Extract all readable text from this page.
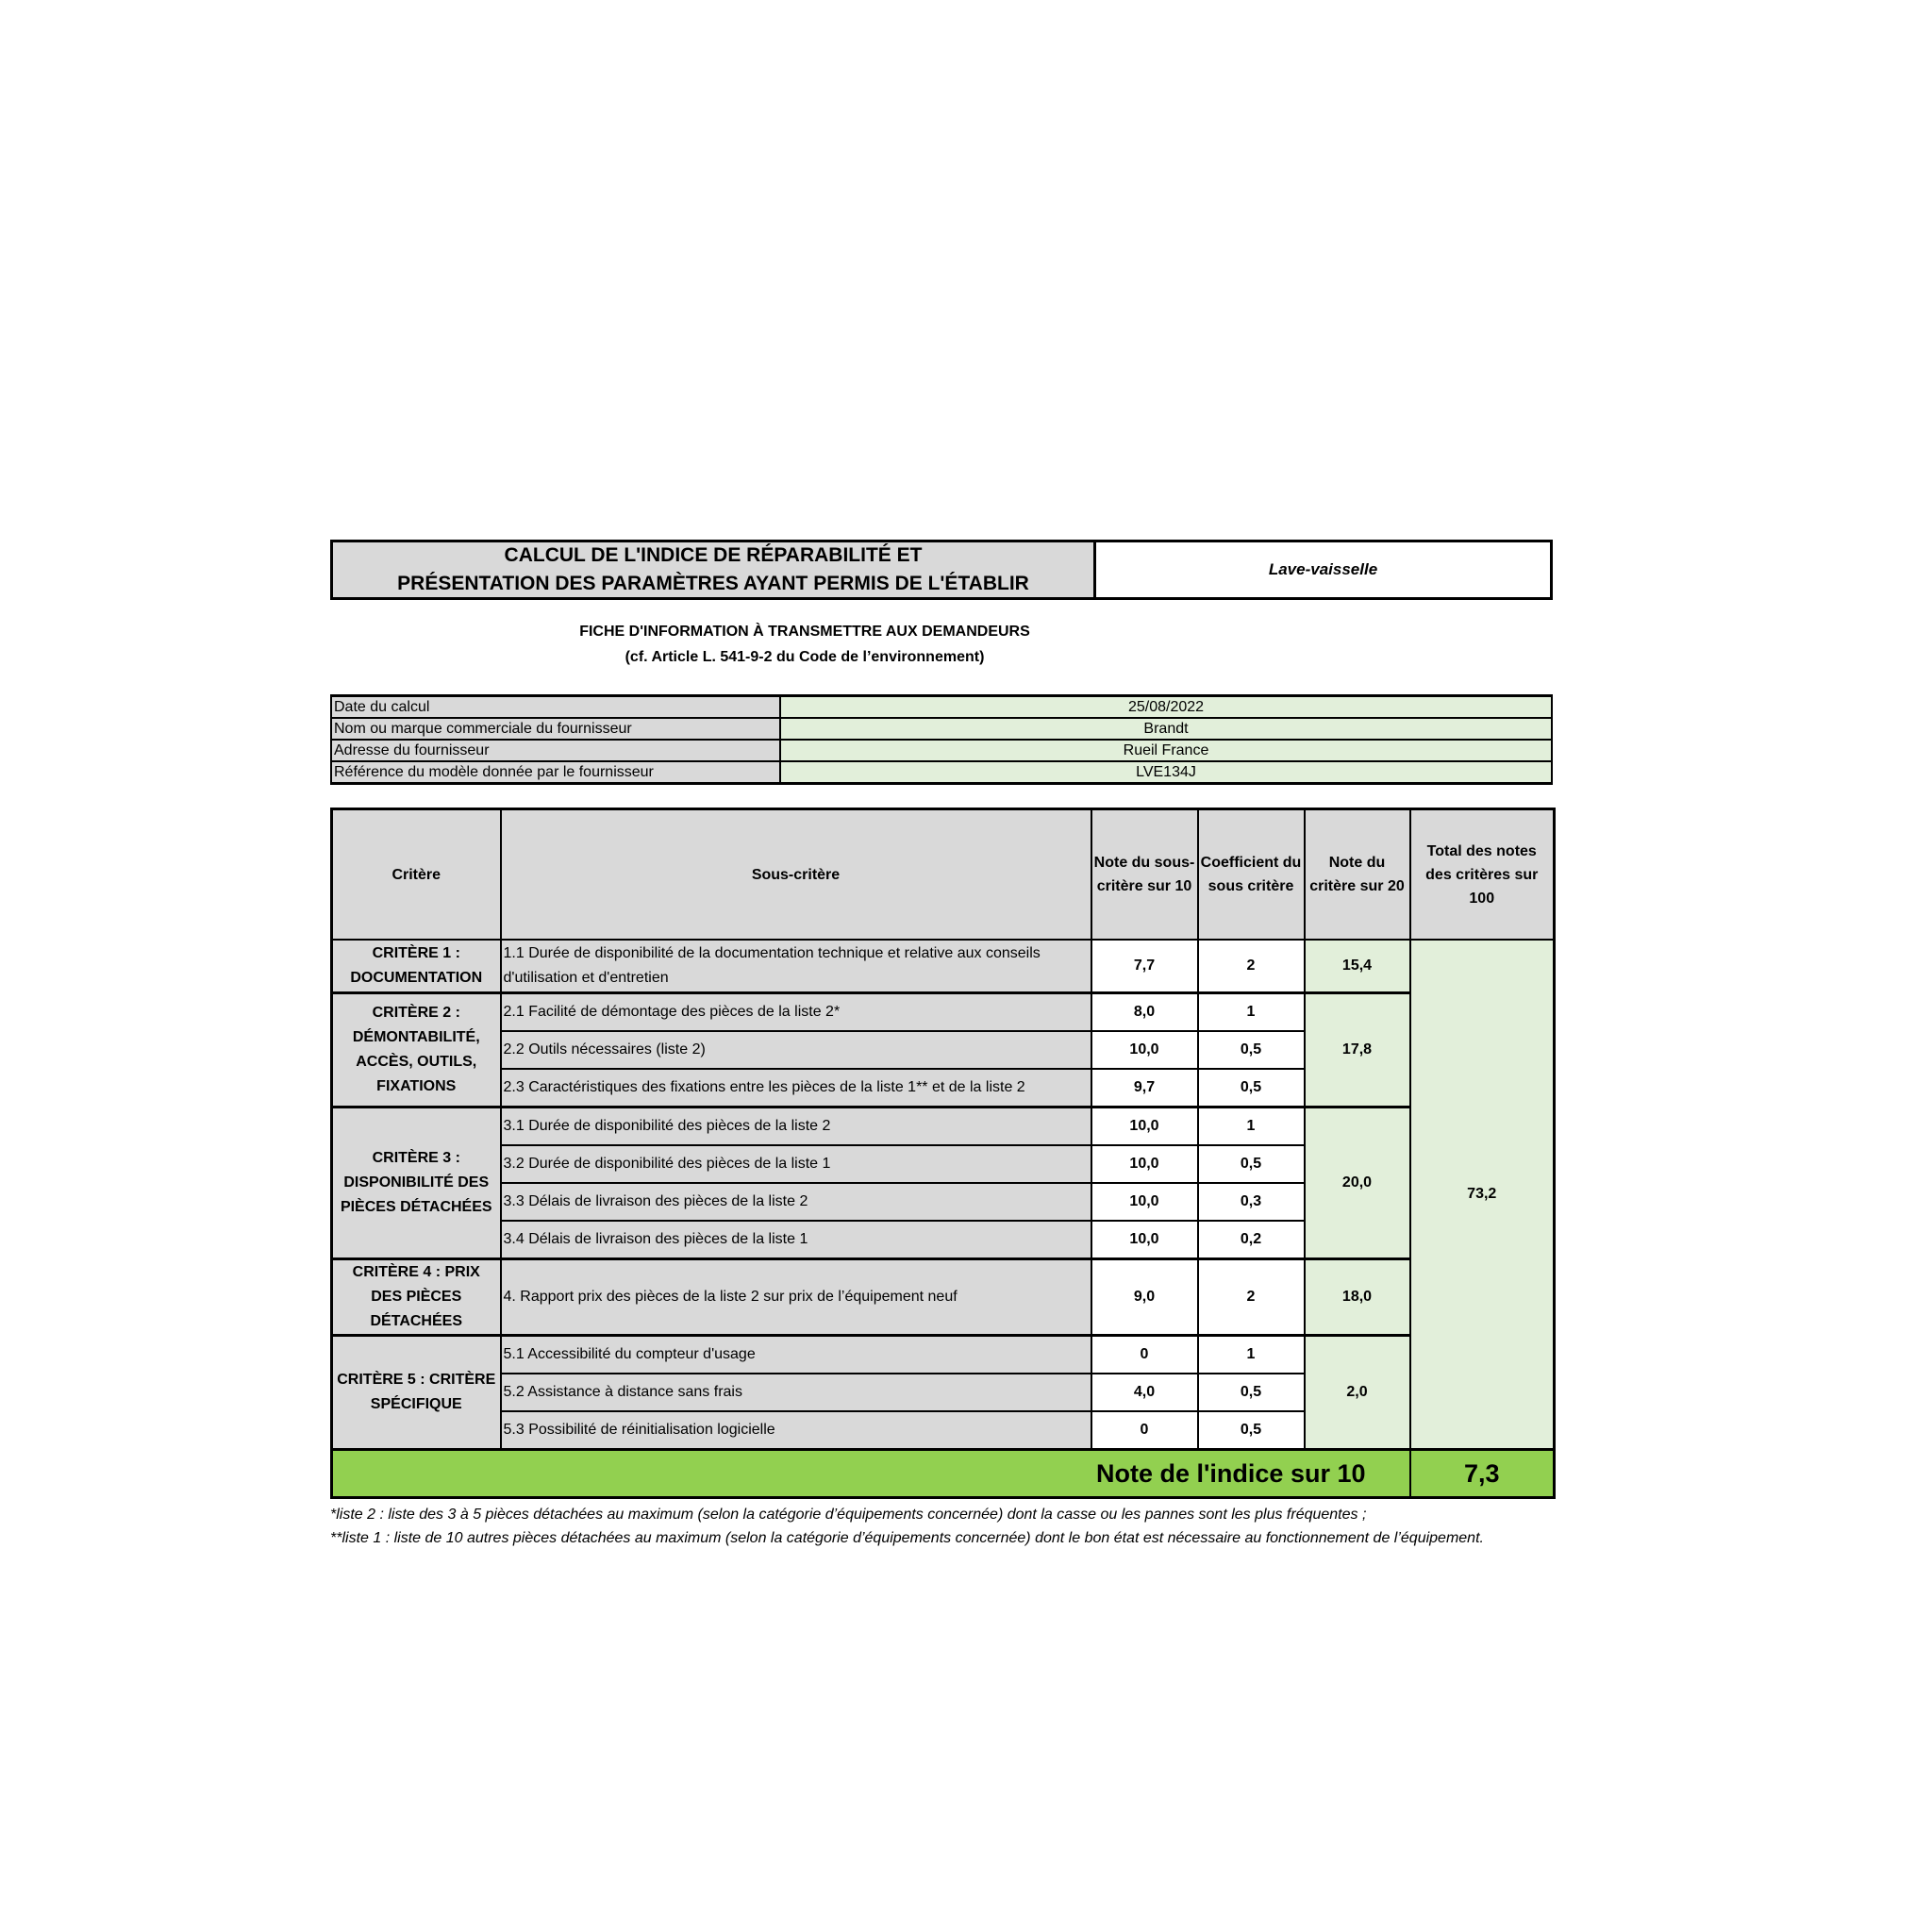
CALCUL DE L'INDICE DE RÉPARABILITÉ ET
PRÉSENTATION DES PARAMÈTRES AYANT PERMIS DE L'ÉTABLIR
Lave-vaisselle
FICHE D'INFORMATION À TRANSMETTRE AUX DEMANDEURS
(cf. Article L. 541-9-2 du Code de l’environnement)
Date du calcul	25/08/2022
Nom ou marque commerciale du fournisseur	Brandt
Adresse du fournisseur	Rueil France
Référence du modèle donnée par le fournisseur	LVE134J
Critère	Sous-critère	Note du sous-critère sur 10	Coefficient du sous critère	Note du critère sur 20	Total des notes des critères sur 100
CRITÈRE 1 : DOCUMENTATION	1.1 Durée de disponibilité de la documentation technique et relative aux conseils d'utilisation et d'entretien	7,7	2	15,4	73,2
CRITÈRE 2 : DÉMONTABILITÉ, ACCÈS, OUTILS, FIXATIONS	2.1 Facilité de démontage des pièces de la liste 2*	8,0	1	17,8	
	2.2 Outils nécessaires (liste 2)	10,0	0,5		
	2.3 Caractéristiques des fixations entre les pièces de la liste 1** et de la liste 2	9,7	0,5		
CRITÈRE 3 : DISPONIBILITÉ DES PIÈCES DÉTACHÉES	3.1 Durée de disponibilité des pièces de la liste 2	10,0	1	20,0	
	3.2 Durée de disponibilité des pièces de la liste 1	10,0	0,5		
	3.3 Délais de livraison des pièces de la liste 2	10,0	0,3		
	3.4 Délais de livraison des pièces de la liste 1	10,0	0,2		
CRITÈRE 4 : PRIX DES PIÈCES DÉTACHÉES	4. Rapport prix des pièces de la liste 2 sur prix de l’équipement neuf	9,0	2	18,0	
CRITÈRE 5 : CRITÈRE SPÉCIFIQUE	5.1 Accessibilité du compteur d'usage	0	1	2,0	
	5.2 Assistance à distance sans frais	4,0	0,5		
	5.3 Possibilité de réinitialisation logicielle	0	0,5		
Note de l'indice sur 10					7,3
*liste 2 : liste des 3 à 5 pièces détachées au maximum (selon la catégorie d’équipements concernée) dont la casse ou les pannes sont les plus fréquentes ;
**liste 1 : liste de 10 autres pièces détachées au maximum (selon la catégorie d’équipements concernée) dont le bon état est nécessaire au fonctionnement de l’équipement.
